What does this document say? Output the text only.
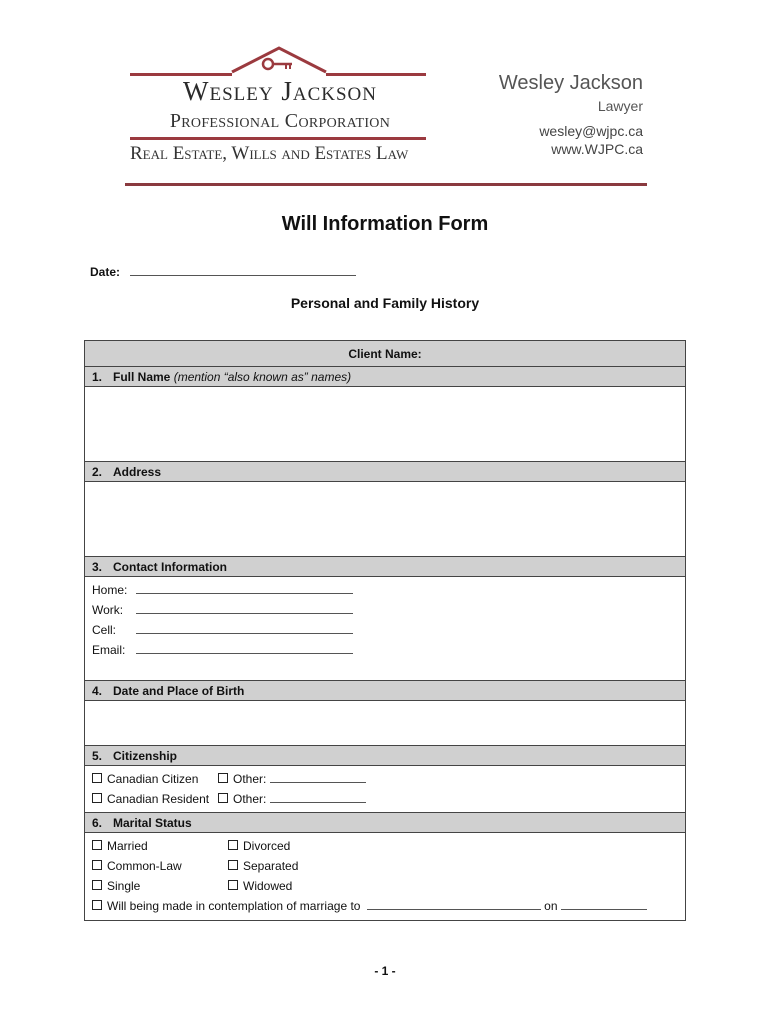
Wesley Jackson
Professional Corporation
Real Estate, Wills and Estates Law
Wesley Jackson
Lawyer
wesley@wjpc.ca
www.WJPC.ca
Will Information Form
Date:
Personal and Family History
Client Name:
1. Full Name (mention “also known as” names)
2. Address
3. Contact Information
Home:
Work:
Cell:
Email:
4. Date and Place of Birth
5. Citizenship
Canadian Citizen	Other:
Canadian Resident	Other:
6. Marital Status
Married	Divorced
Common-Law	Separated
Single	Widowed
Will being made in contemplation of marriage to	on
- 1 -
